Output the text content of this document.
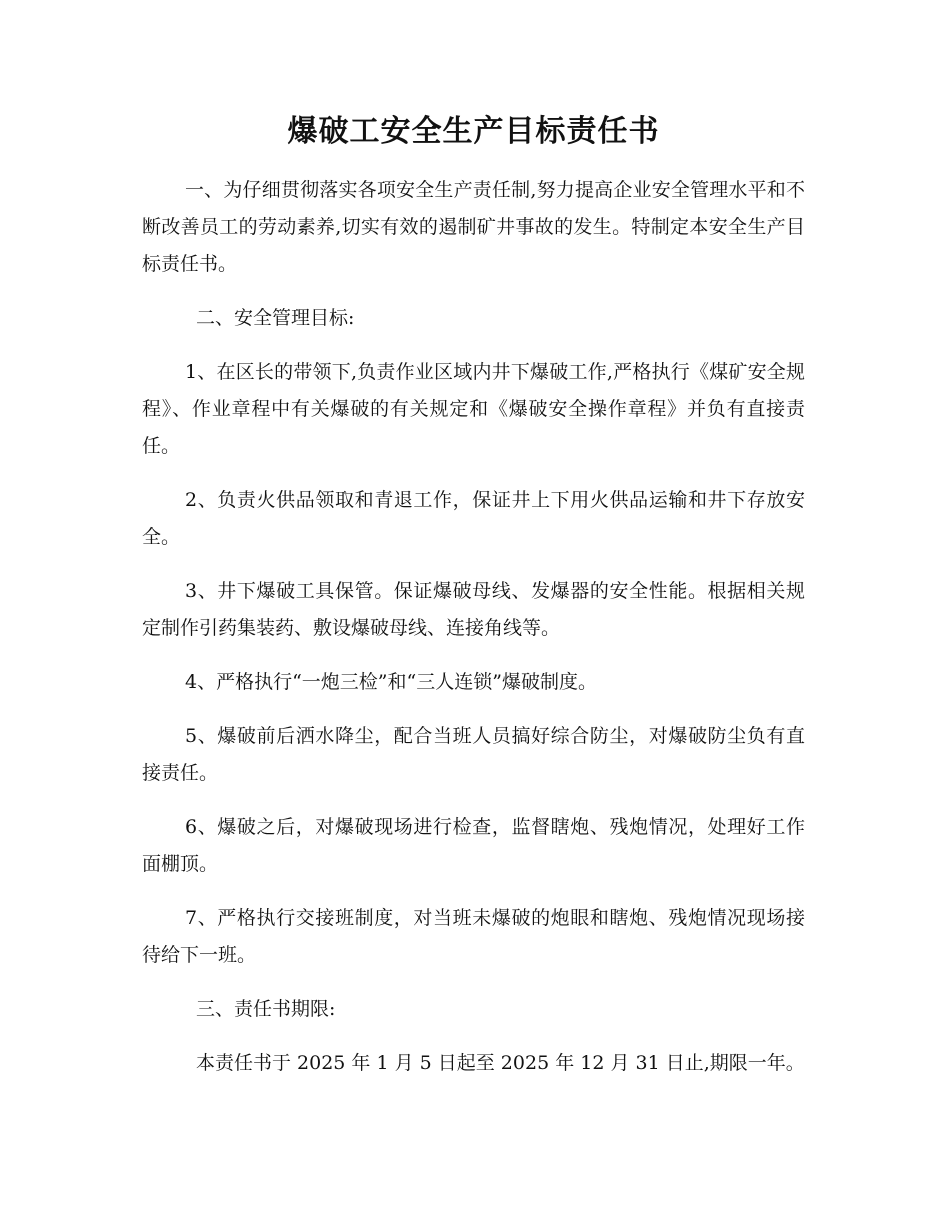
爆破工安全生产目标责任书

一、为仔细贯彻落实各项安全生产责任制,努力提高企业安全管理水平和不断改善员工的劳动素养,切实有效的遏制矿井事故的发生。特制定本安全生产目标责任书。

二、安全管理目标:

1、在区长的带领下,负责作业区域内井下爆破工作,严格执行《煤矿安全规程》、作业章程中有关爆破的有关规定和《爆破安全操作章程》并负有直接责任。

2、负责火供品领取和青退工作，保证井上下用火供品运输和井下存放安全。

3、井下爆破工具保管。保证爆破母线、发爆器的安全性能。根据相关规定制作引药集装药、敷设爆破母线、连接角线等。

4、严格执行“一炮三检”和“三人连锁”爆破制度。

5、爆破前后洒水降尘，配合当班人员搞好综合防尘，对爆破防尘负有直接责任。

6、爆破之后，对爆破现场进行检查，监督瞎炮、残炮情况，处理好工作面棚顶。

7、严格执行交接班制度，对当班未爆破的炮眼和瞎炮、残炮情况现场接待给下一班。

三、责任书期限:

本责任书于 2025 年 1 月 5 日起至 2025 年 12 月 31 日止,期限一年。
